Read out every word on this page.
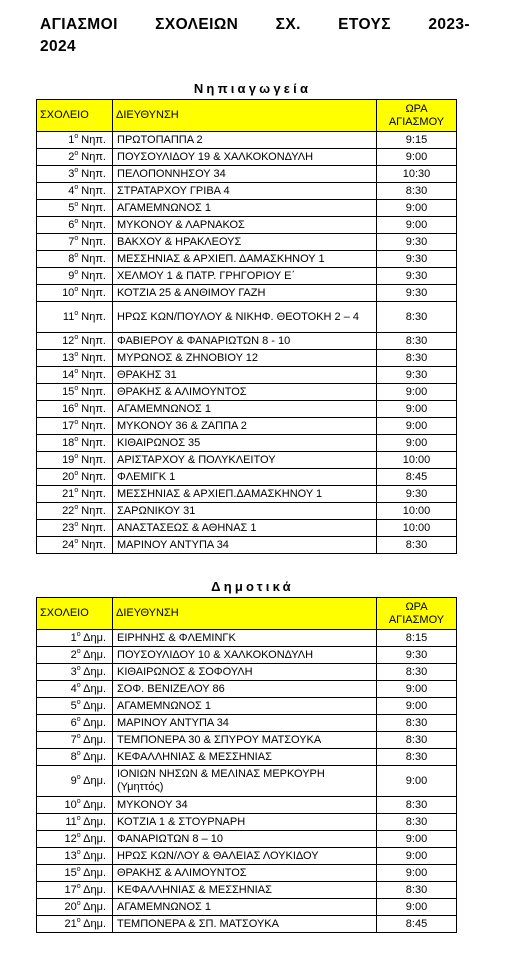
ΑΓΙΑΣΜΟΙ ΣΧΟΛΕΙΩΝ ΣΧ. ΕΤΟΥΣ 2023-
2024
Νηπιαγωγεία
ΣΧΟΛΕΙΟ	ΔΙΕΥΘΥΝΣΗ	ΩΡΑ ΑΓΙΑΣΜΟΥ
$1^o$ Νηπ.	ΠΡΩΤΟΠΑΠΠΑ 2	9:15
$2^o$ Νηπ.	ΠΟΥΣΟΥΛΙΔΟΥ 19 & ΧΑΛΚΟΚΟΝΔΥΛΗ	9:00
$3^o$ Νηπ.	ΠΕΛΟΠΟΝΝΗΣΟΥ 34	10:30
$4^o$ Νηπ.	ΣΤΡΑΤΑΡΧΟΥ ΓΡΙΒΑ 4	8:30
$5^o$ Νηπ.	ΑΓΑΜΕΜΝΩΝΟΣ 1	9:00
$6^o$ Νηπ.	ΜΥΚΟΝΟΥ & ΛΑΡΝΑΚΟΣ	9:00
$7^o$ Νηπ.	ΒΑΚΧΟΥ & ΗΡΑΚΛΕΟΥΣ	9:30
$8^o$ Νηπ.	ΜΕΣΣΗΝΙΑΣ & ΑΡΧΙΕΠ. ΔΑΜΑΣΚΗΝΟΥ 1	9:30
$9^o$ Νηπ.	ΧΕΛΜΟΥ 1 & ΠΑΤΡ. ΓΡΗΓΟΡΙΟΥ Ε΄	9:30
$10^o$ Νηπ.	ΚΟΤΖΙΑ 25 & ΑΝΘΙΜΟΥ ΓΑΖΗ	9:30
$11^o$ Νηπ.	ΗΡΩΣ ΚΩΝ/ΠΟΥΛΟΥ & ΝΙΚΗΦ. ΘΕΟΤΟΚΗ 2 – 4	8:30
$12^o$ Νηπ.	ΦΑΒΙΕΡΟΥ & ΦΑΝΑΡΙΩΤΩΝ 8 - 10	8:30
$13^o$ Νηπ.	ΜΥΡΩΝΟΣ & ΖΗΝΟΒΙΟΥ 12	8:30
$14^o$ Νηπ.	ΘΡΑΚΗΣ 31	9:30
$15^o$ Νηπ.	ΘΡΑΚΗΣ & ΑΛΙΜΟΥΝΤΟΣ	9:00
$16^o$ Νηπ.	ΑΓΑΜΕΜΝΩΝΟΣ 1	9:00
$17^o$ Νηπ.	ΜΥΚΟΝΟΥ 36 & ΖΑΠΠΑ 2	9:00
$18^o$ Νηπ.	ΚΙΘΑΙΡΩΝΟΣ 35	9:00
$19^o$ Νηπ.	ΑΡΙΣΤΑΡΧΟΥ & ΠΟΛΥΚΛΕΙΤΟΥ	10:00
$20^o$ Νηπ.	ΦΛΕΜΙΓΚ 1	8:45
$21^o$ Νηπ.	ΜΕΣΣΗΝΙΑΣ & ΑΡΧΙΕΠ.ΔΑΜΑΣΚΗΝΟΥ 1	9:30
$22^o$ Νηπ.	ΣΑΡΩΝΙΚΟΥ 31	10:00
$23^o$ Νηπ.	ΑΝΑΣΤΑΣΕΩΣ & ΑΘΗΝΑΣ 1	10:00
$24^o$ Νηπ.	ΜΑΡΙΝΟΥ ΑΝΤΥΠΑ 34	8:30
Δημοτικά
ΣΧΟΛΕΙΟ	ΔΙΕΥΘΥΝΣΗ	ΩΡΑ ΑΓΙΑΣΜΟΥ
$1^o$ Δημ.	ΕΙΡΗΝΗΣ & ΦΛΕΜΙΝΓΚ	8:15
$2^o$ Δημ.	ΠΟΥΣΟΥΛΙΔΟΥ 10 & ΧΑΛΚΟΚΟΝΔΥΛΗ	9:30
$3^o$ Δημ.	ΚΙΘΑΙΡΩΝΟΣ & ΣΟΦΟΥΛΗ	8:30
$4^o$ Δημ.	ΣΟΦ. ΒΕΝΙΖΕΛΟΥ 86	9:00
$5^o$ Δημ.	ΑΓΑΜΕΜΝΩΝΟΣ 1	9:00
$6^o$ Δημ.	ΜΑΡΙΝΟΥ ΑΝΤΥΠΑ 34	8:30
$7^o$ Δημ.	ΤΕΜΠΟΝΕΡΑ 30 & ΣΠΥΡΟΥ ΜΑΤΣΟΥΚΑ	8:30
$8^o$ Δημ.	ΚΕΦΑΛΛΗΝΙΑΣ & ΜΕΣΣΗΝΙΑΣ	8:30
$9^o$ Δημ.	ΙΟΝΙΩΝ ΝΗΣΩΝ & ΜΕΛΙΝΑΣ ΜΕΡΚΟΥΡΗ (Υμηττός)	9:00
$10^o$ Δημ.	ΜΥΚΟΝΟΥ 34	8:30
$11^o$ Δημ.	ΚΟΤΖΙΑ 1 & ΣΤΟΥΡΝΑΡΗ	8:30
$12^o$ Δημ.	ΦΑΝΑΡΙΩΤΩΝ 8 – 10	9:00
$13^o$ Δημ.	ΗΡΩΣ ΚΩΝ/ΛΟΥ & ΘΑΛΕΙΑΣ ΛΟΥΚΙΔΟΥ	9:00
$15^o$ Δημ.	ΘΡΑΚΗΣ & ΑΛΙΜΟΥΝΤΟΣ	9:00
$17^o$ Δημ.	ΚΕΦΑΛΛΗΝΙΑΣ & ΜΕΣΣΗΝΙΑΣ	8:30
$20^o$ Δημ.	ΑΓΑΜΕΜΝΩΝΟΣ 1	9:00
$21^o$ Δημ.	ΤΕΜΠΟΝΕΡΑ & ΣΠ. ΜΑΤΣΟΥΚΑ	8:45
